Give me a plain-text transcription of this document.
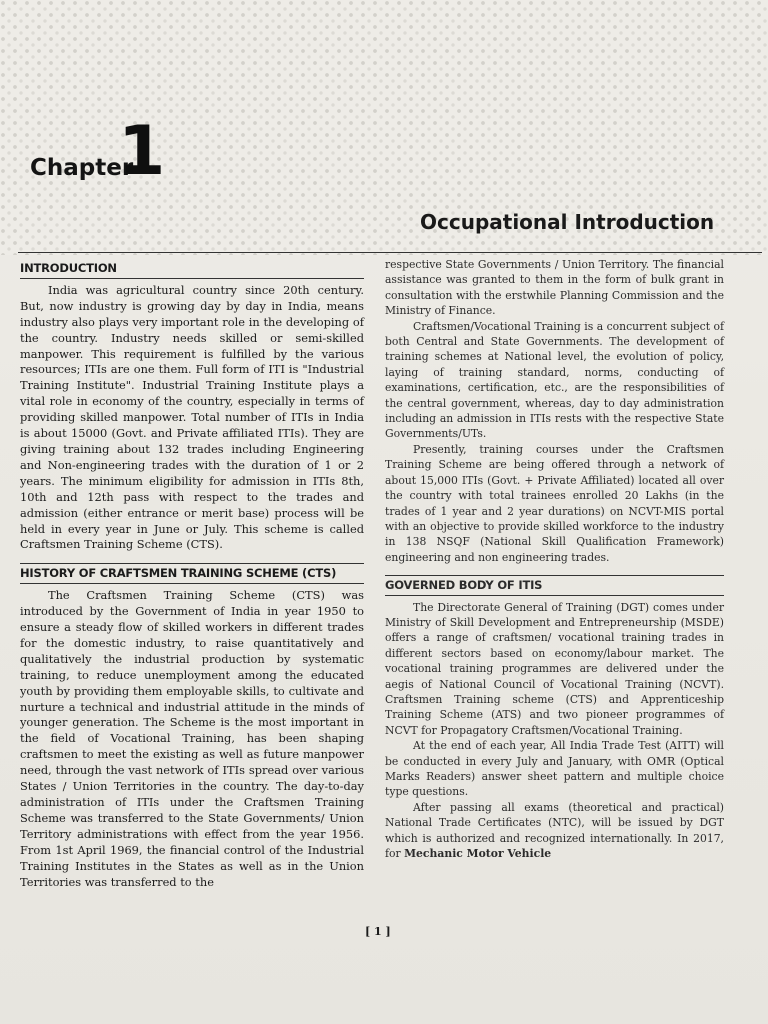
Chapter
1
Occupational Introduction
INTRODUCTION

India was agricultural country since 20th century. But, now industry is growing day by day in India, means industry also plays very important role in the developing of the country. Industry needs skilled or semi-skilled manpower. This requirement is fulfilled by the various resources; ITIs are one them. Full form of ITI is "Industrial Training Institute". Industrial Training Institute plays a vital role in economy of the country, especially in terms of providing skilled manpower. Total number of ITIs in India is about 15000 (Govt. and Private affiliated ITIs). They are giving training about 132 trades including Engineering and Non-engineering trades with the duration of 1 or 2 years. The minimum eligibility for admission in ITIs 8th, 10th and 12th pass with respect to the trades and admission (either entrance or merit base) process will be held in every year in June or July. This scheme is called Craftsmen Training Scheme (CTS).

HISTORY OF CRAFTSMEN TRAINING SCHEME (CTS)

The Craftsmen Training Scheme (CTS) was introduced by the Government of India in year 1950 to ensure a steady flow of skilled workers in different trades for the domestic industry, to raise quantitatively and qualitatively the industrial production by systematic training, to reduce unemployment among the educated youth by providing them employable skills, to cultivate and nurture a technical and industrial attitude in the minds of younger generation. The Scheme is the most important in the field of Vocational Training, has been shaping craftsmen to meet the existing as well as future manpower need, through the vast network of ITIs spread over various States / Union Territories in the country. The day-to-day administration of ITIs under the Craftsmen Training Scheme was transferred to the State Governments/ Union Territory administrations with effect from the year 1956. From 1st April 1969, the financial control of the Industrial Training Institutes in the States as well as in the Union Territories was transferred to the

respective State Governments / Union Territory. The financial assistance was granted to them in the form of bulk grant in consultation with the erstwhile Planning Commission and the Ministry of Finance.

Craftsmen/Vocational Training is a concurrent subject of both Central and State Governments. The development of training schemes at National level, the evolution of policy, laying of training standard, norms, conducting of examinations, certification, etc., are the responsibilities of the central government, whereas, day to day administration including an admission in ITIs rests with the respective State Governments/UTs.

Presently, training courses under the Craftsmen Training Scheme are being offered through a network of about 15,000 ITIs (Govt. + Private Affiliated) located all over the country with total trainees enrolled 20 Lakhs (in the trades of 1 year and 2 year durations) on NCVT-MIS portal with an objective to provide skilled workforce to the industry in 138 NSQF (National Skill Qualification Framework) engineering and non engineering trades.

GOVERNED BODY OF ITIS

The Directorate General of Training (DGT) comes under Ministry of Skill Development and Entrepreneurship (MSDE) offers a range of craftsmen/ vocational training trades in different sectors based on economy/labour market. The vocational training programmes are delivered under the aegis of National Council of Vocational Training (NCVT). Craftsmen Training scheme (CTS) and Apprenticeship Training Scheme (ATS) and two pioneer programmes of NCVT for Propagatory Craftsmen/Vocational Training.

At the end of each year, All India Trade Test (AITT) will be conducted in every July and January, with OMR (Optical Marks Readers) answer sheet pattern and multiple choice type questions.

After passing all exams (theoretical and practical) National Trade Certificates (NTC), will be issued by DGT which is authorized and recognized internationally. In 2017, for Mechanic Motor Vehicle

[ 1 ]
